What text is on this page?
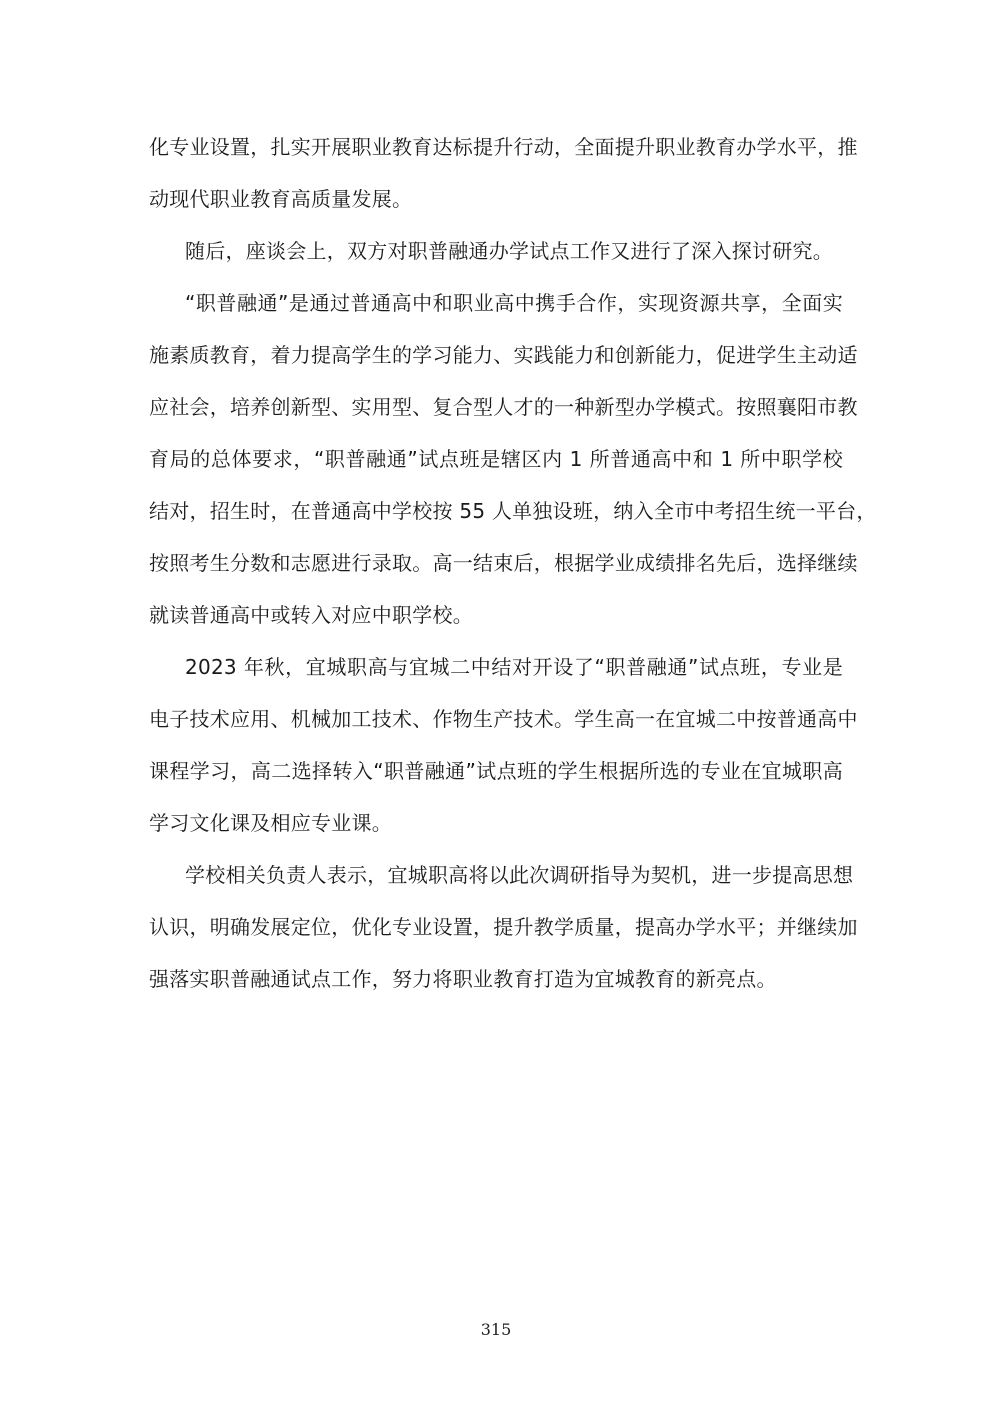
化专业设置，扎实开展职业教育达标提升行动，全面提升职业教育办学水平，推
动现代职业教育高质量发展。
随后，座谈会上，双方对职普融通办学试点工作又进行了深入探讨研究。
“职普融通”是通过普通高中和职业高中携手合作，实现资源共享，全面实
施素质教育，着力提高学生的学习能力、实践能力和创新能力，促进学生主动适
应社会，培养创新型、实用型、复合型人才的一种新型办学模式。按照襄阳市教
育局的总体要求，“职普融通”试点班是辖区内 1 所普通高中和 1 所中职学校
结对，招生时，在普通高中学校按 55 人单独设班，纳入全市中考招生统一平台，
按照考生分数和志愿进行录取。高一结束后，根据学业成绩排名先后，选择继续
就读普通高中或转入对应中职学校。
2023 年秋，宜城职高与宜城二中结对开设了“职普融通”试点班，专业是
电子技术应用、机械加工技术、作物生产技术。学生高一在宜城二中按普通高中
课程学习，高二选择转入“职普融通”试点班的学生根据所选的专业在宜城职高
学习文化课及相应专业课。
学校相关负责人表示，宜城职高将以此次调研指导为契机，进一步提高思想
认识，明确发展定位，优化专业设置，提升教学质量，提高办学水平；并继续加
强落实职普融通试点工作，努力将职业教育打造为宜城教育的新亮点。
315
